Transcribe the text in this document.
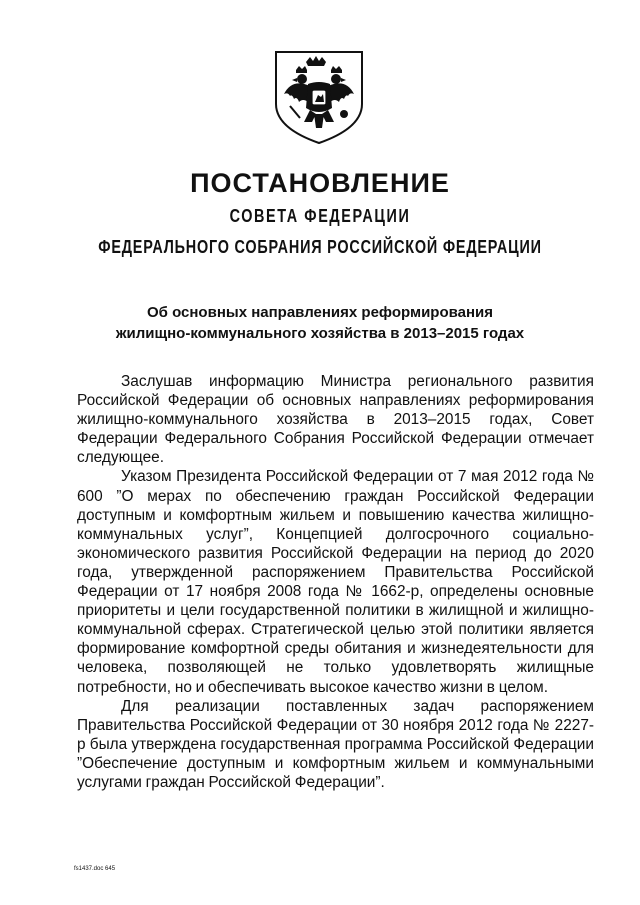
ПОСТАНОВЛЕНИЕ
СОВЕТА ФЕДЕРАЦИИ
ФЕДЕРАЛЬНОГО СОБРАНИЯ РОССИЙСКОЙ ФЕДЕРАЦИИ
Об основных направлениях реформирования
жилищно-коммунального хозяйства в 2013–2015 годах

Заслушав информацию Министра регионального развития Российской Федерации об основных направлениях реформирования жилищно-коммунального хозяйства в 2013–2015 годах, Совет Федерации Федерального Собрания Российской Федерации отмечает следующее.

Указом Президента Российской Федерации от 7 мая 2012 года № 600 ”О мерах по обеспечению граждан Российской Федерации доступным и комфортным жильем и повышению качества жилищно-коммунальных услуг”, Концепцией долгосрочного социально-экономического развития Российской Федерации на период до 2020 года, утвержденной распоряжением Правительства Российской Федерации от 17 ноября 2008 года № 1662-р, определены основные приоритеты и цели государственной политики в жилищной и жилищно-коммунальной сферах. Стратегической целью этой политики является формирование комфортной среды обитания и жизнедеятельности для человека, позволяющей не только удовлетворять жилищные потребности, но и обеспечивать высокое качество жизни в целом.

Для реализации поставленных задач распоряжением Правительства Российской Федерации от 30 ноября 2012 года № 2227-р была утверждена государственная программа Российской Федерации ”Обеспечение доступным и комфортным жильем и коммунальными услугами граждан Российской Федерации”.

fs1437.doc 645
